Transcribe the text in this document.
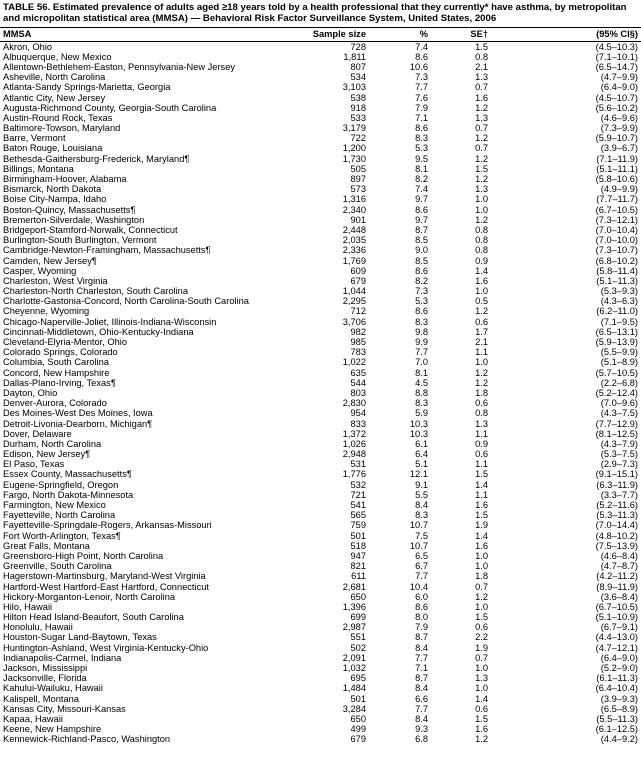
TABLE 56. Estimated prevalence of adults aged ≥18 years told by a health professional that they currently* have asthma, by metropolitan and micropolitan statistical area (MMSA) — Behavioral Risk Factor Surveillance System, United States, 2006
MMSA	Sample size	%	SE†	(95% CI§)
Akron, Ohio	728	7.4	1.5	(4.5–10.3)
Albuquerque, New Mexico	1,811	8.6	0.8	(7.1–10.1)
Allentown-Bethlehem-Easton, Pennsylvania-New Jersey	807	10.6	2.1	(6.5–14.7)
Asheville, North Carolina	534	7.3	1.3	(4.7–9.9)
Atlanta-Sandy Springs-Marietta, Georgia	3,103	7.7	0.7	(6.4–9.0)
Atlantic City, New Jersey	538	7.6	1.6	(4.5–10.7)
Augusta-Richmond County, Georgia-South Carolina	918	7.9	1.2	(5.6–10.2)
Austin-Round Rock, Texas	533	7.1	1.3	(4.6–9.6)
Baltimore-Towson, Maryland	3,179	8.6	0.7	(7.3–9.9)
Barre, Vermont	722	8.3	1.2	(5.9–10.7)
Baton Rouge, Louisiana	1,200	5.3	0.7	(3.9–6.7)
Bethesda-Gaithersburg-Frederick, Maryland¶	1,730	9.5	1.2	(7.1–11.9)
Billings, Montana	505	8.1	1.5	(5.1–11.1)
Birmingham-Hoover, Alabama	897	8.2	1.2	(5.8–10.6)
Bismarck, North Dakota	573	7.4	1.3	(4.9–9.9)
Boise City-Nampa, Idaho	1,316	9.7	1.0	(7.7–11.7)
Boston-Quincy, Massachusetts¶	2,340	8.6	1.0	(6.7–10.5)
Bremerton-Silverdale, Washington	901	9.7	1.2	(7.3–12.1)
Bridgeport-Stamford-Norwalk, Connecticut	2,448	8.7	0.8	(7.0–10.4)
Burlington-South Burlington, Vermont	2,035	8.5	0.8	(7.0–10.0)
Cambridge-Newton-Framingham, Massachusetts¶	2,336	9.0	0.8	(7.3–10.7)
Camden, New Jersey¶	1,769	8.5	0.9	(6.8–10.2)
Casper, Wyoming	609	8.6	1.4	(5.8–11.4)
Charleston, West Virginia	679	8.2	1.6	(5.1–11.3)
Charleston-North Charleston, South Carolina	1,044	7.3	1.0	(5.3–9.3)
Charlotte-Gastonia-Concord, North Carolina-South Carolina	2,295	5.3	0.5	(4.3–6.3)
Cheyenne, Wyoming	712	8.6	1.2	(6.2–11.0)
Chicago-Naperville-Joliet, Illinois-Indiana-Wisconsin	3,706	8.3	0.6	(7.1–9.5)
Cincinnati-Middletown, Ohio-Kentucky-Indiana	982	9.8	1.7	(6.5–13.1)
Cleveland-Elyria-Mentor, Ohio	985	9.9	2.1	(5.9–13.9)
Colorado Springs, Colorado	783	7.7	1.1	(5.5–9.9)
Columbia, South Carolina	1,022	7.0	1.0	(5.1–8.9)
Concord, New Hampshire	635	8.1	1.2	(5.7–10.5)
Dallas-Plano-Irving, Texas¶	544	4.5	1.2	(2.2–6.8)
Dayton, Ohio	803	8.8	1.8	(5.2–12.4)
Denver-Aurora, Colorado	2,830	8.3	0.6	(7.0–9.6)
Des Moines-West Des Moines, Iowa	954	5.9	0.8	(4.3–7.5)
Detroit-Livonia-Dearborn, Michigan¶	833	10.3	1.3	(7.7–12.9)
Dover, Delaware	1,372	10.3	1.1	(8.1–12.5)
Durham, North Carolina	1,026	6.1	0.9	(4.3–7.9)
Edison, New Jersey¶	2,948	6.4	0.6	(5.3–7.5)
El Paso, Texas	531	5.1	1.1	(2.9–7.3)
Essex County, Massachusetts¶	1,776	12.1	1.5	(9.1–15.1)
Eugene-Springfield, Oregon	532	9.1	1.4	(6.3–11.9)
Fargo, North Dakota-Minnesota	721	5.5	1.1	(3.3–7.7)
Farmington, New Mexico	541	8.4	1.6	(5.2–11.6)
Fayetteville, North Carolina	565	8.3	1.5	(5.3–11.3)
Fayetteville-Springdale-Rogers, Arkansas-Missouri	759	10.7	1.9	(7.0–14.4)
Fort Worth-Arlington, Texas¶	501	7.5	1.4	(4.8–10.2)
Great Falls, Montana	518	10.7	1.6	(7.5–13.9)
Greensboro-High Point, North Carolina	947	6.5	1.0	(4.6–8.4)
Greenville, South Carolina	821	6.7	1.0	(4.7–8.7)
Hagerstown-Martinsburg, Maryland-West Virginia	611	7.7	1.8	(4.2–11.2)
Hartford-West Hartford-East Hartford, Connecticut	2,681	10.4	0.7	(8.9–11.9)
Hickory-Morganton-Lenoir, North Carolina	650	6.0	1.2	(3.6–8.4)
Hilo, Hawaii	1,396	8.6	1.0	(6.7–10.5)
Hilton Head Island-Beaufort, South Carolina	699	8.0	1.5	(5.1–10.9)
Honolulu, Hawaii	2,987	7.9	0.6	(6.7–9.1)
Houston-Sugar Land-Baytown, Texas	551	8.7	2.2	(4.4–13.0)
Huntington-Ashland, West Virginia-Kentucky-Ohio	502	8.4	1.9	(4.7–12.1)
Indianapolis-Carmel, Indiana	2,091	7.7	0.7	(6.4–9.0)
Jackson, Mississippi	1,032	7.1	1.0	(5.2–9.0)
Jacksonville, Florida	695	8.7	1.3	(6.1–11.3)
Kahului-Wailuku, Hawaii	1,484	8.4	1.0	(6.4–10.4)
Kalispell, Montana	501	6.6	1.4	(3.9–9.3)
Kansas City, Missouri-Kansas	3,284	7.7	0.6	(6.5–8.9)
Kapaa, Hawaii	650	8.4	1.5	(5.5–11.3)
Keene, New Hampshire	499	9.3	1.6	(6.1–12.5)
Kennewick-Richland-Pasco, Washington	679	6.8	1.2	(4.4–9.2)
